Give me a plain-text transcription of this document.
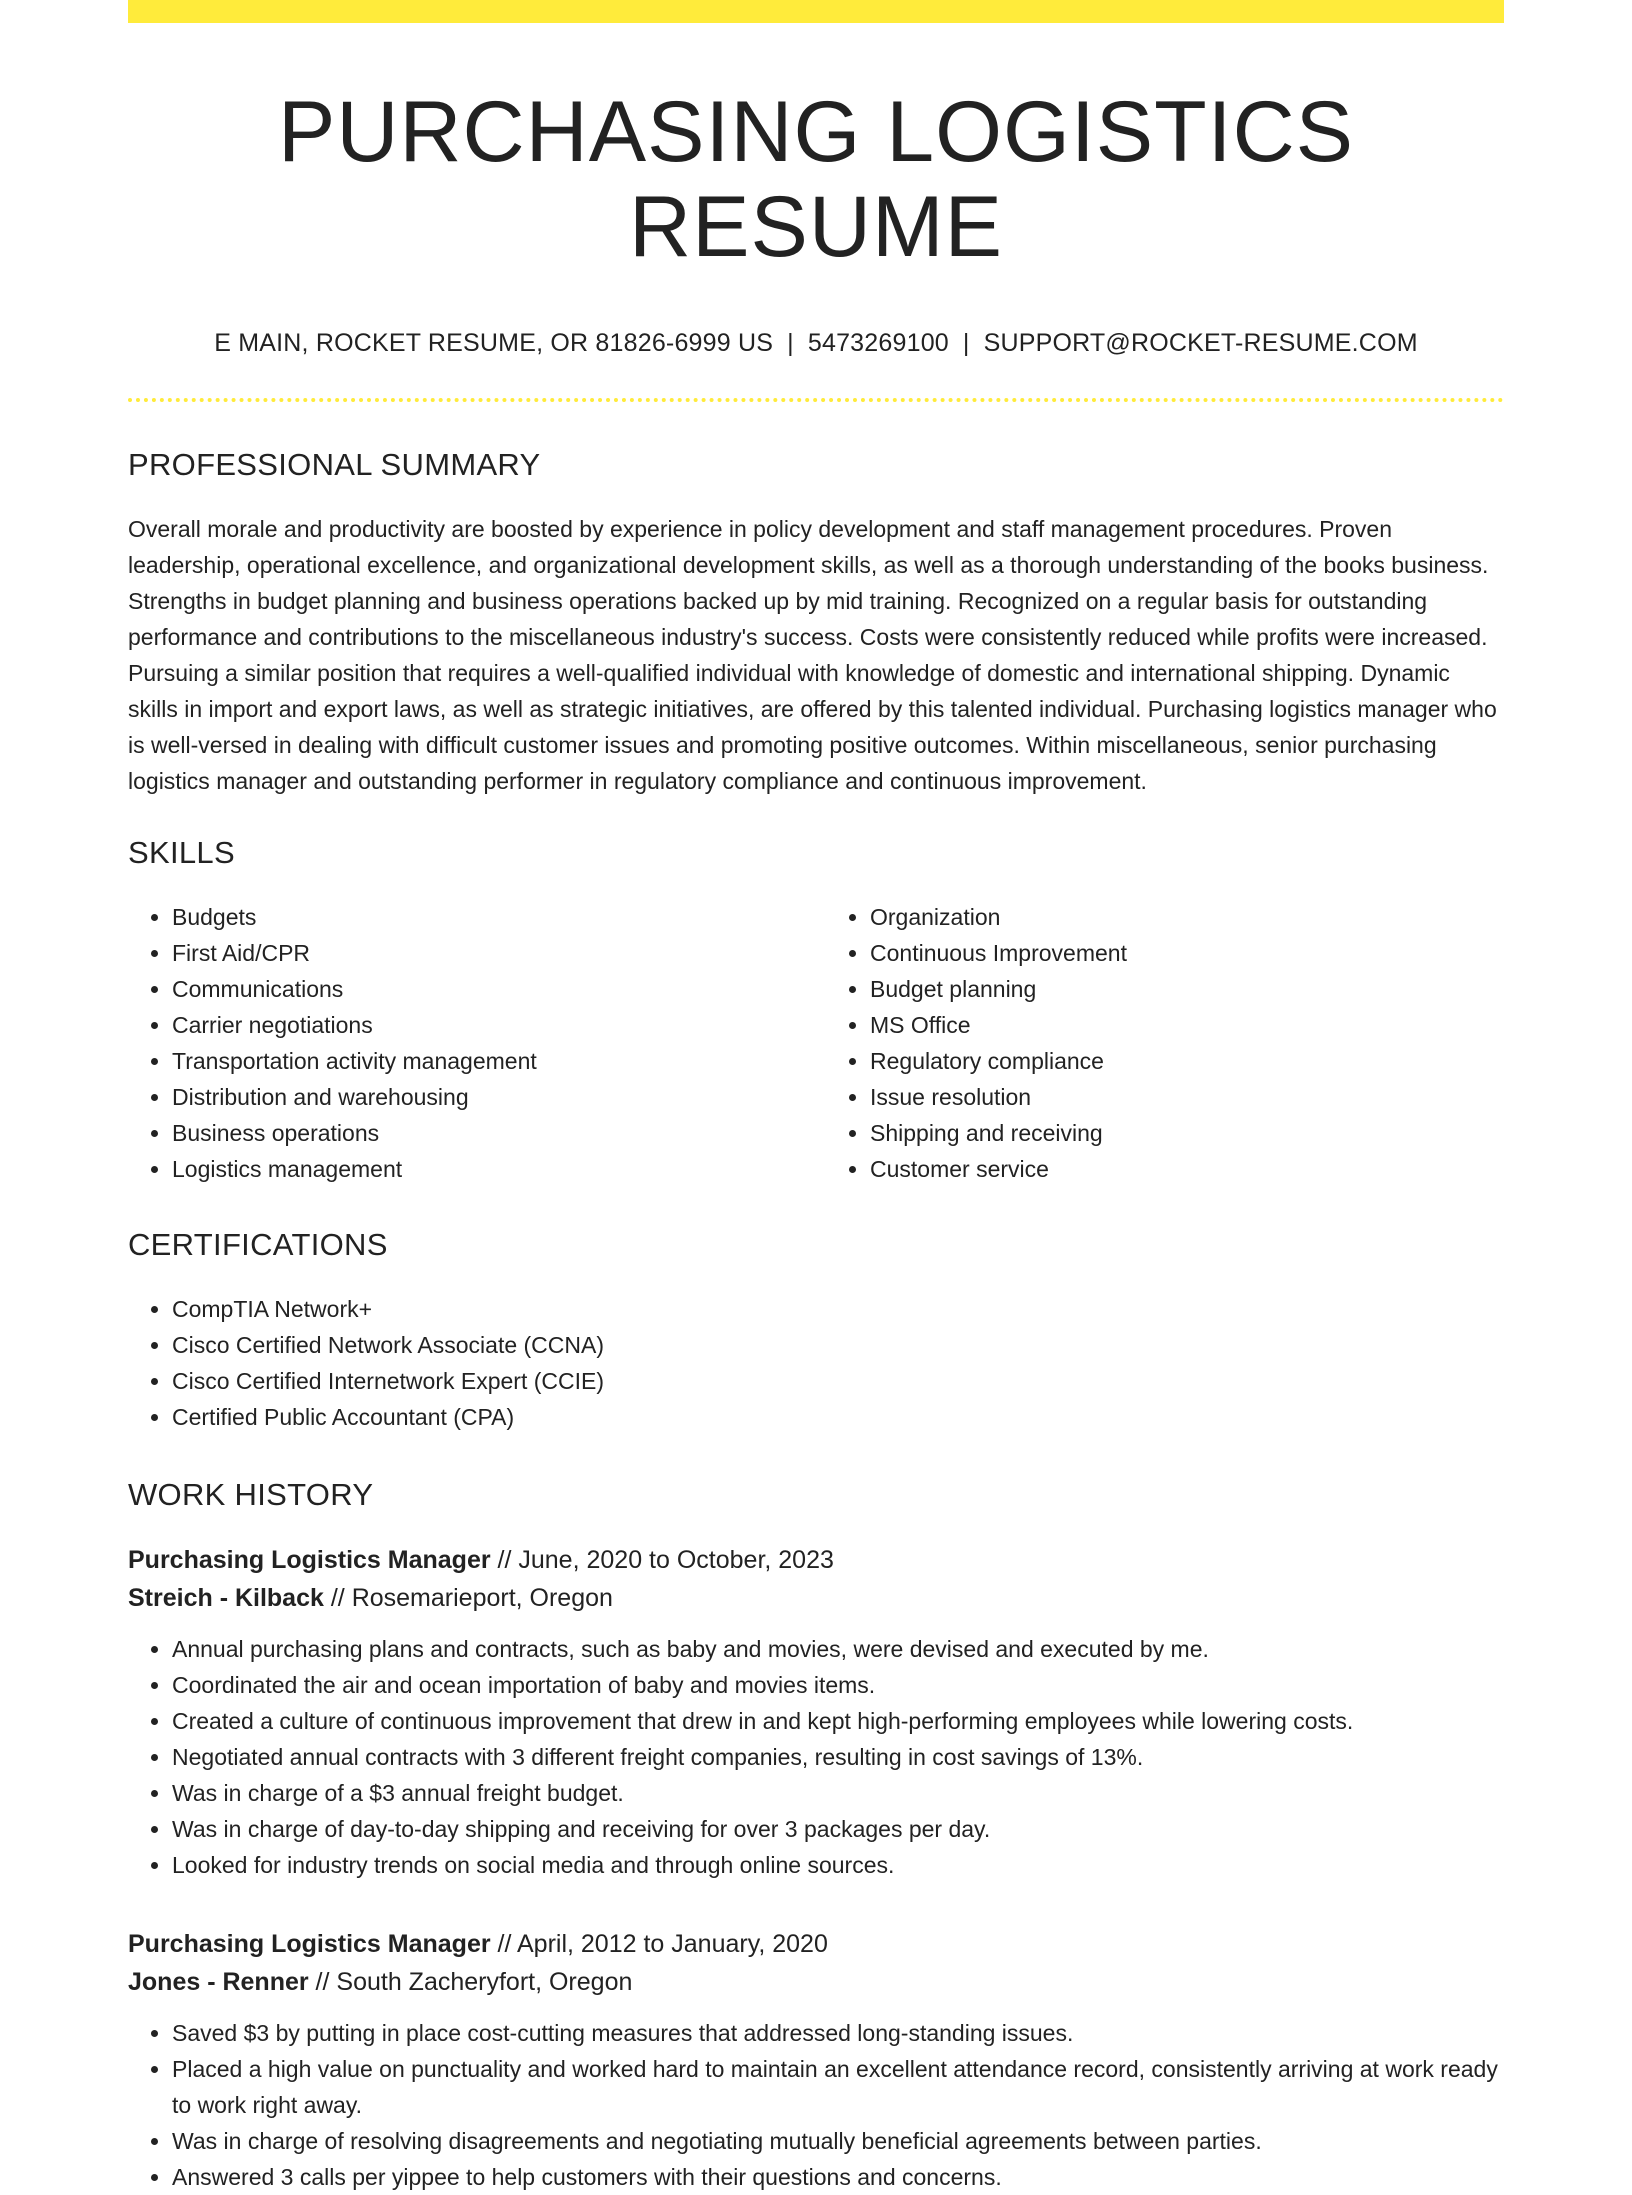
PURCHASING LOGISTICS RESUME
E MAIN, ROCKET RESUME, OR 81826-6999 US | 5473269100 | SUPPORT@ROCKET-RESUME.COM
PROFESSIONAL SUMMARY
Overall morale and productivity are boosted by experience in policy development and staff management procedures. Proven leadership, operational excellence, and organizational development skills, as well as a thorough understanding of the books business. Strengths in budget planning and business operations backed up by mid training. Recognized on a regular basis for outstanding performance and contributions to the miscellaneous industry's success. Costs were consistently reduced while profits were increased. Pursuing a similar position that requires a well-qualified individual with knowledge of domestic and international shipping. Dynamic skills in import and export laws, as well as strategic initiatives, are offered by this talented individual. Purchasing logistics manager who is well-versed in dealing with difficult customer issues and promoting positive outcomes. Within miscellaneous, senior purchasing logistics manager and outstanding performer in regulatory compliance and continuous improvement.
SKILLS
• Budgets
• First Aid/CPR
• Communications
• Carrier negotiations
• Transportation activity management
• Distribution and warehousing
• Business operations
• Logistics management
• Organization
• Continuous Improvement
• Budget planning
• MS Office
• Regulatory compliance
• Issue resolution
• Shipping and receiving
• Customer service
CERTIFICATIONS
• CompTIA Network+
• Cisco Certified Network Associate (CCNA)
• Cisco Certified Internetwork Expert (CCIE)
• Certified Public Accountant (CPA)
WORK HISTORY
Purchasing Logistics Manager // June, 2020 to October, 2023
Streich - Kilback // Rosemarieport, Oregon
• Annual purchasing plans and contracts, such as baby and movies, were devised and executed by me.
• Coordinated the air and ocean importation of baby and movies items.
• Created a culture of continuous improvement that drew in and kept high-performing employees while lowering costs.
• Negotiated annual contracts with 3 different freight companies, resulting in cost savings of 13%.
• Was in charge of a $3 annual freight budget.
• Was in charge of day-to-day shipping and receiving for over 3 packages per day.
• Looked for industry trends on social media and through online sources.
Purchasing Logistics Manager // April, 2012 to January, 2020
Jones - Renner // South Zacheryfort, Oregon
• Saved $3 by putting in place cost-cutting measures that addressed long-standing issues.
• Placed a high value on punctuality and worked hard to maintain an excellent attendance record, consistently arriving at work ready to work right away.
• Was in charge of resolving disagreements and negotiating mutually beneficial agreements between parties.
• Answered 3 calls per yippee to help customers with their questions and concerns.
